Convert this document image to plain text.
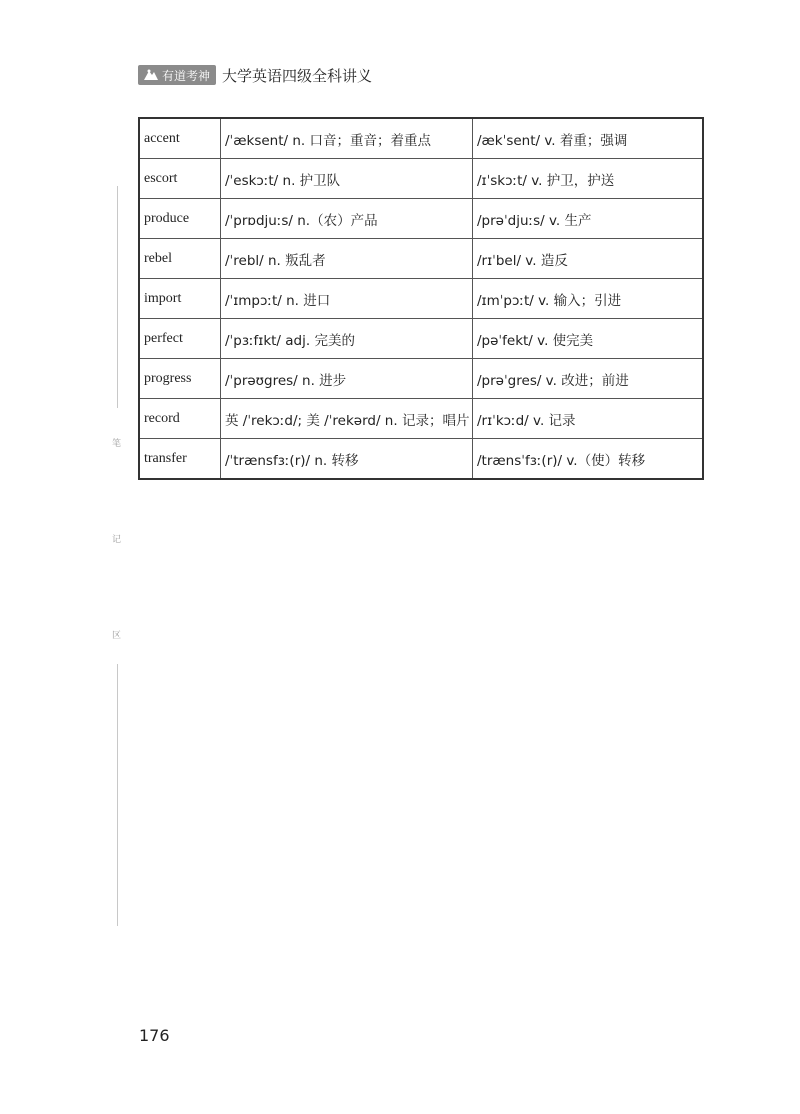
有道考神 大学英语四级全科讲义
笔
记
区
accent	/ˈæksent/ n. 口音；重音；着重点	/ækˈsent/ v. 着重；强调
escort	/ˈeskɔːt/ n. 护卫队	/ɪˈskɔːt/ v. 护卫，护送
produce	/ˈprɒdjuːs/ n.（农）产品	/prəˈdjuːs/ v. 生产
rebel	/ˈrebl/ n. 叛乱者	/rɪˈbel/ v. 造反
import	/ˈɪmpɔːt/ n. 进口	/ɪmˈpɔːt/ v. 输入；引进
perfect	/ˈpɜːfɪkt/ adj. 完美的	/pəˈfekt/ v. 使完美
progress	/ˈprəʊgres/ n. 进步	/prəˈgres/ v. 改进；前进
record	英 /ˈrekɔːd/; 美 /ˈrekərd/ n. 记录；唱片	/rɪˈkɔːd/ v. 记录
transfer	/ˈtrænsfɜː(r)/ n. 转移	/trænsˈfɜː(r)/ v.（使）转移
176
